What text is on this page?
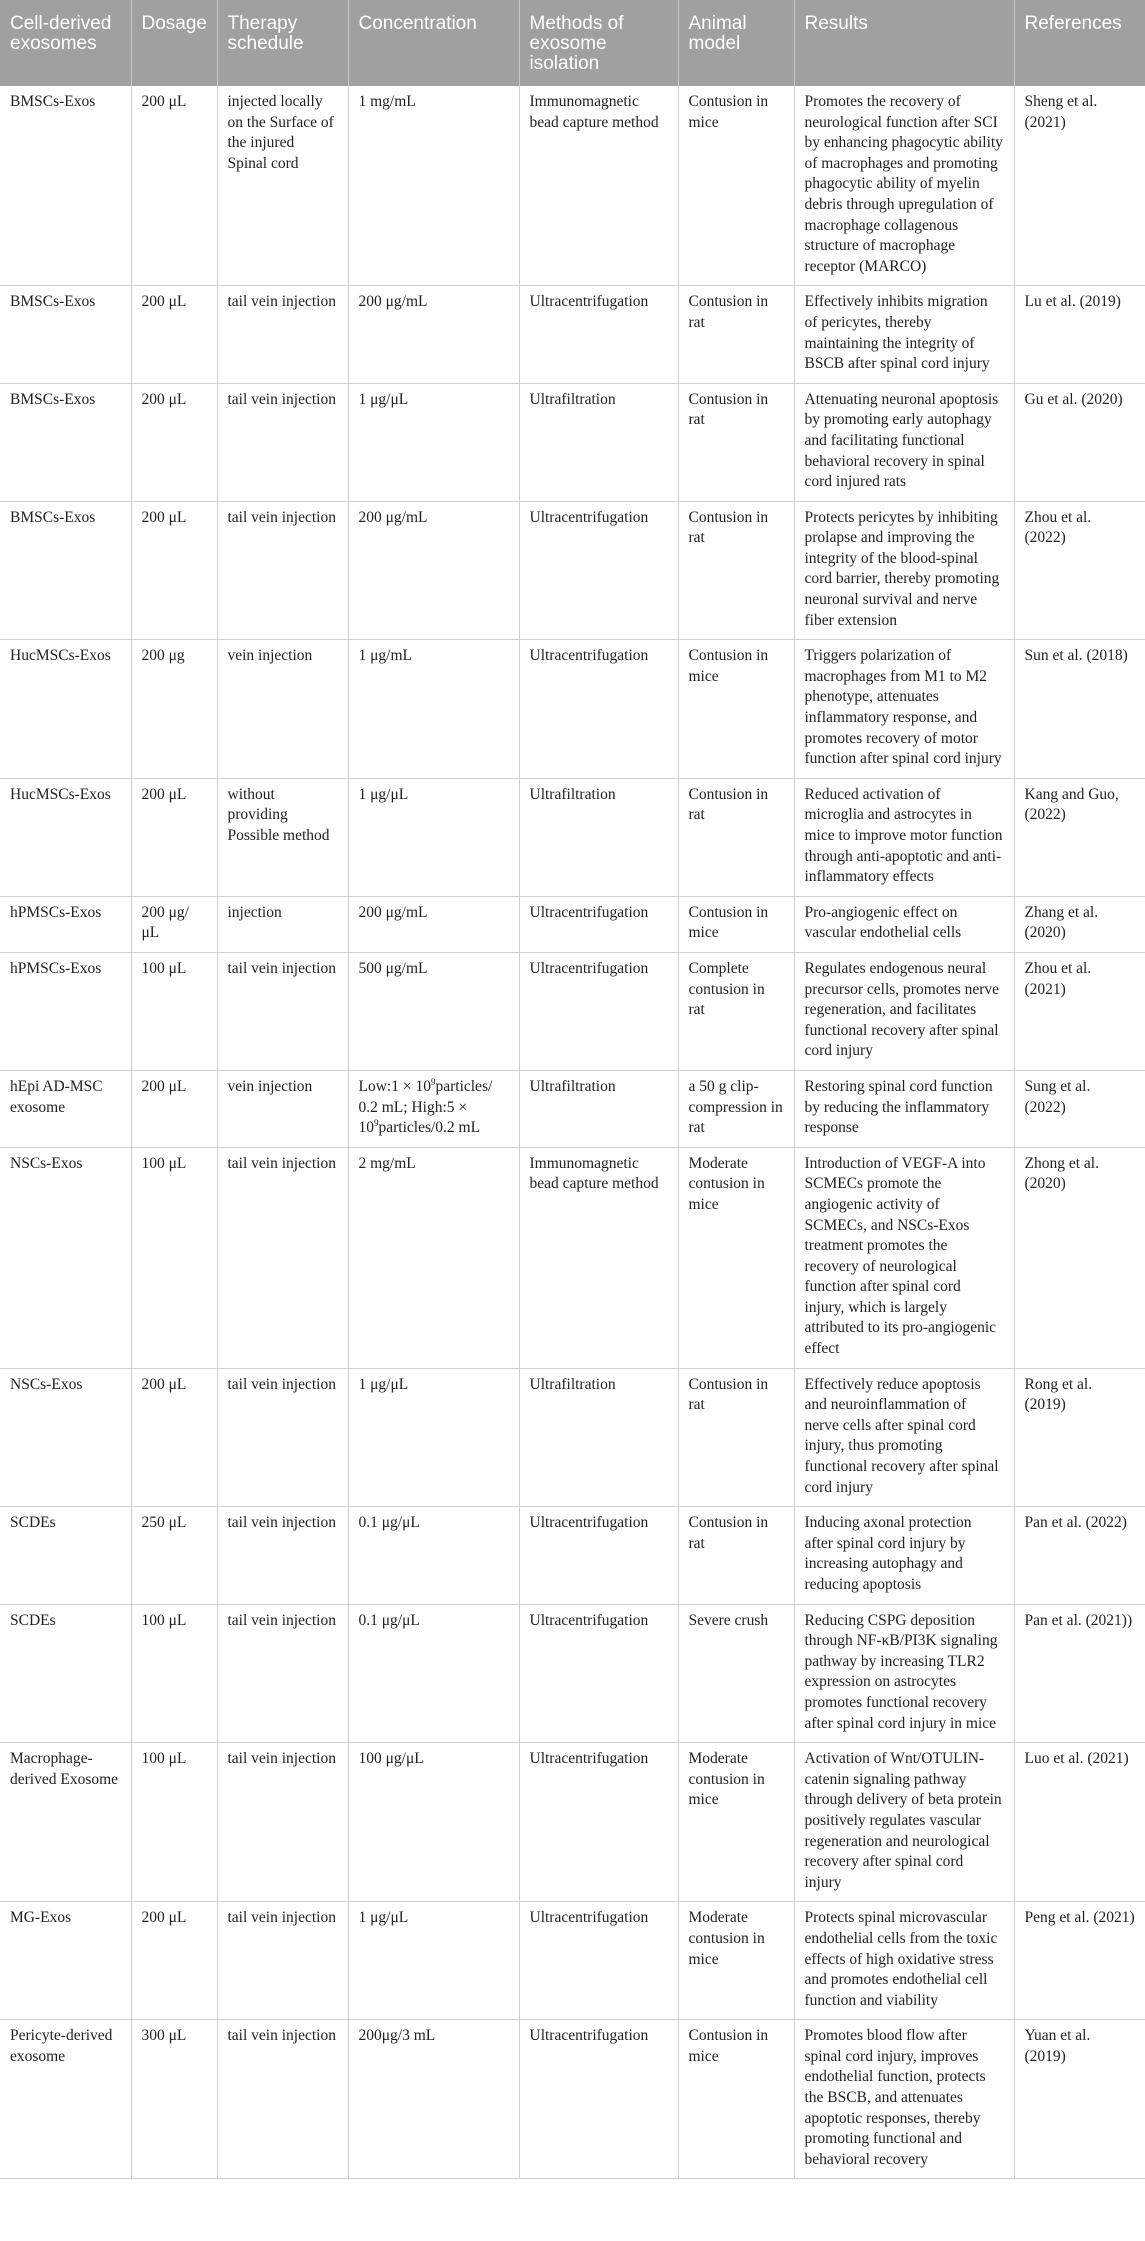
Cell-derived exosomes	Dosage	Therapy schedule	Concentration	Methods of exosome isolation	Animal model	Results	References
BMSCs-Exos	200 μL	injected locally on the Surface of the injured Spinal cord	1 mg/mL	Immunomagnetic bead capture method	Contusion in mice	Promotes the recovery of neurological function after SCI by enhancing phagocytic ability of macrophages and promoting phagocytic ability of myelin debris through upregulation of macrophage collagenous structure of macrophage receptor (MARCO)	Sheng et al. (2021)
BMSCs-Exos	200 μL	tail vein injection	200 μg/mL	Ultracentrifugation	Contusion in rat	Effectively inhibits migration of pericytes, thereby maintaining the integrity of BSCB after spinal cord injury	Lu et al. (2019)
BMSCs-Exos	200 μL	tail vein injection	1 μg/μL	Ultrafiltration	Contusion in rat	Attenuating neuronal apoptosis by promoting early autophagy and facilitating functional behavioral recovery in spinal cord injured rats	Gu et al. (2020)
BMSCs-Exos	200 μL	tail vein injection	200 μg/mL	Ultracentrifugation	Contusion in rat	Protects pericytes by inhibiting prolapse and improving the integrity of the blood-spinal cord barrier, thereby promoting neuronal survival and nerve fiber extension	Zhou et al. (2022)
HucMSCs-Exos	200 μg	vein injection	1 μg/mL	Ultracentrifugation	Contusion in mice	Triggers polarization of macrophages from M1 to M2 phenotype, attenuates inflammatory response, and promotes recovery of motor function after spinal cord injury	Sun et al. (2018)
HucMSCs-Exos	200 μL	without providing Possible method	1 μg/μL	Ultrafiltration	Contusion in rat	Reduced activation of microglia and astrocytes in mice to improve motor function through anti-apoptotic and anti-inflammatory effects	Kang and Guo, (2022)
hPMSCs-Exos	200 μg/μL	injection	200 μg/mL	Ultracentrifugation	Contusion in mice	Pro-angiogenic effect on vascular endothelial cells	Zhang et al. (2020)
hPMSCs-Exos	100 μL	tail vein injection	500 μg/mL	Ultracentrifugation	Complete contusion in rat	Regulates endogenous neural precursor cells, promotes nerve regeneration, and facilitates functional recovery after spinal cord injury	Zhou et al. (2021)
hEpi AD-MSC exosome	200 μL	vein injection	Low:1 × $10^9particles/$ 0.2 mL; High:5 × $10^9particles/0.2$ mL	Ultrafiltration	a 50 g clip-compression in rat	Restoring spinal cord function by reducing the inflammatory response	Sung et al. (2022)
NSCs-Exos	100 μL	tail vein injection	2 mg/mL	Immunomagnetic bead capture method	Moderate contusion in mice	Introduction of VEGF-A into SCMECs promote the angiogenic activity of SCMECs, and NSCs-Exos treatment promotes the recovery of neurological function after spinal cord injury, which is largely attributed to its pro-angiogenic effect	Zhong et al. (2020)
NSCs-Exos	200 μL	tail vein injection	1 μg/μL	Ultrafiltration	Contusion in rat	Effectively reduce apoptosis and neuroinflammation of nerve cells after spinal cord injury, thus promoting functional recovery after spinal cord injury	Rong et al. (2019)
SCDEs	250 μL	tail vein injection	0.1 μg/μL	Ultracentrifugation	Contusion in rat	Inducing axonal protection after spinal cord injury by increasing autophagy and reducing apoptosis	Pan et al. (2022)
SCDEs	100 μL	tail vein injection	0.1 μg/μL	Ultracentrifugation	Severe crush	Reducing CSPG deposition through NF-κB/PI3K signaling pathway by increasing TLR2 expression on astrocytes promotes functional recovery after spinal cord injury in mice	Pan et al. (2021))
Macrophage-derived Exosome	100 μL	tail vein injection	100 μg/μL	Ultracentrifugation	Moderate contusion in mice	Activation of Wnt/OTULIN-catenin signaling pathway through delivery of beta protein positively regulates vascular regeneration and neurological recovery after spinal cord injury	Luo et al. (2021)
MG-Exos	200 μL	tail vein injection	1 μg/μL	Ultracentrifugation	Moderate contusion in mice	Protects spinal microvascular endothelial cells from the toxic effects of high oxidative stress and promotes endothelial cell function and viability	Peng et al. (2021)
Pericyte-derived exosome	300 μL	tail vein injection	200μg/3 mL	Ultracentrifugation	Contusion in mice	Promotes blood flow after spinal cord injury, improves endothelial function, protects the BSCB, and attenuates apoptotic responses, thereby promoting functional and behavioral recovery	Yuan et al. (2019)
